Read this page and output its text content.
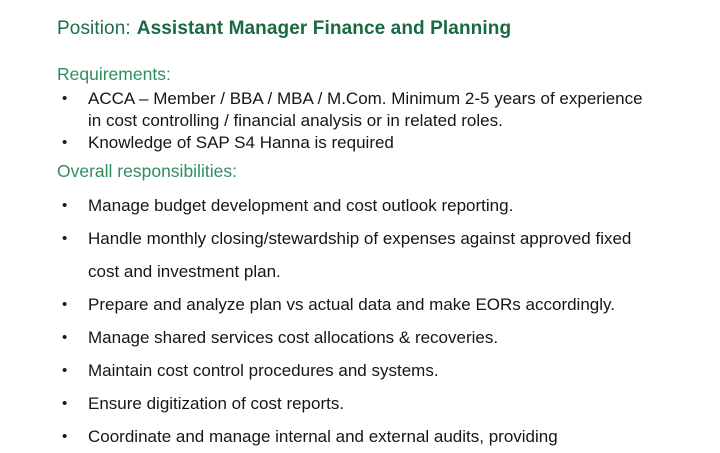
Position: Assistant Manager Finance and Planning

Requirements:

• ACCA – Member / BBA / MBA / M.Com. Minimum 2-5 years of experience in cost controlling / financial analysis or in related roles.
• Knowledge of SAP S4 Hanna is required

Overall responsibilities:

• Manage budget development and cost outlook reporting.
• Handle monthly closing/stewardship of expenses against approved fixed cost and investment plan.
• Prepare and analyze plan vs actual data and make EORs accordingly.
• Manage shared services cost allocations & recoveries.
• Maintain cost control procedures and systems.
• Ensure digitization of cost reports.
• Coordinate and manage internal and external audits, providing
